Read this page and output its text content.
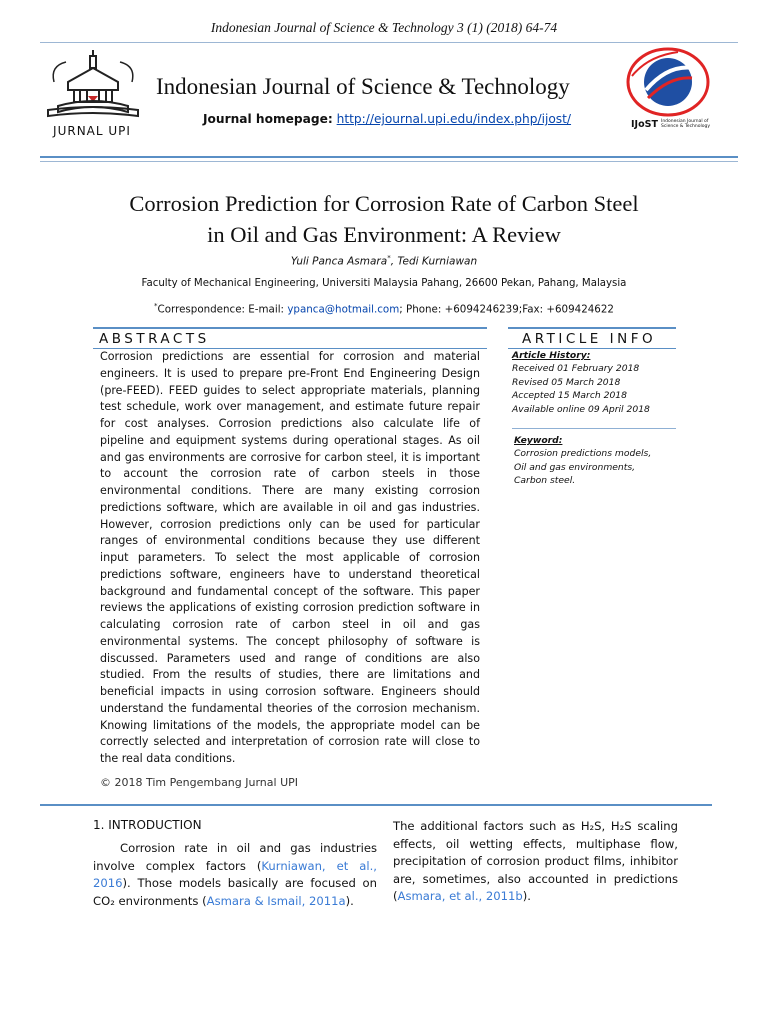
Indonesian Journal of Science & Technology 3 (1) (2018) 64-74
JURNAL UPI
Indonesian Journal of Science & Technology
Journal homepage: http://ejournal.upi.edu/index.php/ijost/	IJoST Indonesian Journal of Science & Technology
Corrosion Prediction for Corrosion Rate of Carbon Steel
in Oil and Gas Environment: A Review
Yuli Panca Asmara*, Tedi Kurniawan
Faculty of Mechanical Engineering, Universiti Malaysia Pahang, 26600 Pekan, Pahang, Malaysia
*Correspondence: E-mail: ypanca@hotmail.com; Phone: +6094246239;Fax: +609424622
ABSTRACTS	ARTICLE INFO
Corrosion predictions are essential for corrosion and material engineers. It is used to prepare pre-Front End Engineering Design (pre-FEED). FEED guides to select appropriate materials, planning test schedule, work over management, and estimate future repair for cost analyses. Corrosion predictions also calculate life of pipeline and equipment systems during operational stages. As oil and gas environments are corrosive for carbon steel, it is important to account the corrosion rate of carbon steels in those environmental conditions. There are many existing corrosion predictions software, which are available in oil and gas industries. However, corrosion predictions only can be used for particular ranges of environmental conditions because they use different input parameters. To select the most applicable of corrosion predictions software, engineers have to understand theoretical background and fundamental concept of the software. This paper reviews the applications of existing corrosion prediction software in calculating corrosion rate of carbon steel in oil and gas environmental systems. The concept philosophy of software is discussed. Parameters used and range of conditions are also studied. From the results of studies, there are limitations and beneficial impacts in using corrosion software. Engineers should understand the fundamental theories of the corrosion mechanism. Knowing limitations of the models, the appropriate model can be correctly selected and interpretation of corrosion rate will close to the real data conditions.
© 2018 Tim Pengembang Jurnal UPI
Article History:
Received 01 February 2018
Revised 05 March 2018
Accepted 15 March 2018
Available online 09 April 2018
Keyword:
Corrosion predictions models,
Oil and gas environments,
Carbon steel.
1. INTRODUCTION

Corrosion rate in oil and gas industries involve complex factors (Kurniawan, et al., 2016). Those models basically are focused on CO₂ environments (Asmara & Ismail, 2011a).

The additional factors such as H₂S, H₂S scaling effects, oil wetting effects, multiphase flow, precipitation of corrosion product films, inhibitor are, sometimes, also accounted in predictions (Asmara, et al., 2011b).
